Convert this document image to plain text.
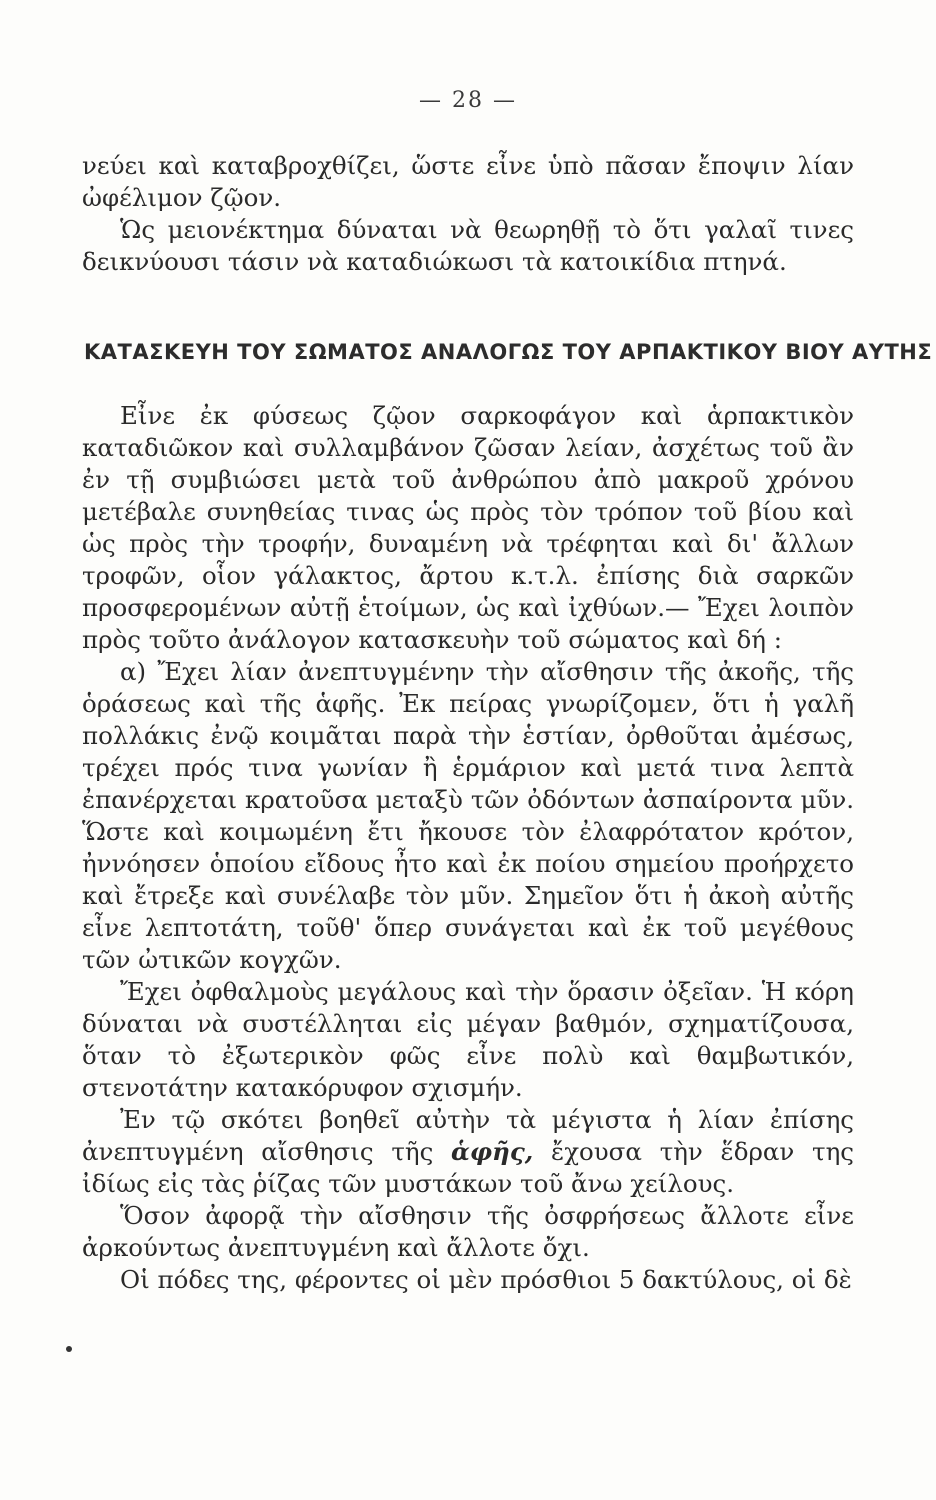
— 28 —

νεύει καὶ καταβροχθίζει, ὥστε εἶνε ὑπὸ πᾶσαν ἔποψιν λίαν ὠφέλιμον ζῷον.

Ὡς μειονέκτημα δύναται νὰ θεωρηθῇ τὸ ὅτι γαλαῖ τινες δεικνύουσι τάσιν νὰ καταδιώκωσι τὰ κατοικίδια πτηνά.

ΚΑΤΑΣΚΕΥΗ ΤΟΥ ΣΩΜΑΤΟΣ ΑΝΑΛΟΓΩΣ ΤΟΥ ΑΡΠΑΚΤΙΚΟΥ ΒΙΟΥ ΑΥΤΗΣ

Εἶνε ἐκ φύσεως ζῷον σαρκοφάγον καὶ ἁρπακτικὸν καταδιῶκον καὶ συλλαμβάνον ζῶσαν λείαν, ἀσχέτως τοῦ ἂν ἐν τῇ συμβιώσει μετὰ τοῦ ἀνθρώπου ἀπὸ μακροῦ χρόνου μετέβαλε συνηθείας τινας ὡς πρὸς τὸν τρόπον τοῦ βίου καὶ ὡς πρὸς τὴν τροφήν, δυναμένη νὰ τρέφηται καὶ δι' ἄλλων τροφῶν, οἷον γάλακτος, ἄρτου κ.τ.λ. ἐπίσης διὰ σαρκῶν προσφερομένων αὐτῇ ἑτοίμων, ὡς καὶ ἰχθύων.— Ἔχει λοιπὸν πρὸς τοῦτο ἀνάλογον κατασκευὴν τοῦ σώματος καὶ δή :

α) Ἔχει λίαν ἀνεπτυγμένην τὴν αἴσθησιν τῆς ἀκοῆς, τῆς ὁράσεως καὶ τῆς ἁφῆς. Ἐκ πείρας γνωρίζομεν, ὅτι ἡ γαλῆ πολλάκις ἐνῷ κοιμᾶται παρὰ τὴν ἑστίαν, ὀρθοῦται ἀμέσως, τρέχει πρός τινα γωνίαν ἢ ἑρμάριον καὶ μετά τινα λεπτὰ ἐπανέρχεται κρατοῦσα μεταξὺ τῶν ὀδόντων ἀσπαίροντα μῦν. Ὥστε καὶ κοιμωμένη ἔτι ἤκουσε τὸν ἐλαφρότατον κρότον, ἠννόησεν ὁποίου εἴδους ἦτο καὶ ἐκ ποίου σημείου προήρχετο καὶ ἔτρεξε καὶ συνέλαβε τὸν μῦν. Σημεῖον ὅτι ἡ ἀκοὴ αὐτῆς εἶνε λεπτοτάτη, τοῦθ' ὅπερ συνάγεται καὶ ἐκ τοῦ μεγέθους τῶν ὠτικῶν κογχῶν.

Ἔχει ὀφθαλμοὺς μεγάλους καὶ τὴν ὅρασιν ὀξεῖαν. Ἡ κόρη δύναται νὰ συστέλληται εἰς μέγαν βαθμόν, σχηματίζουσα, ὅταν τὸ ἐξωτερικὸν φῶς εἶνε πολὺ καὶ θαμβωτικόν, στενοτάτην κατακόρυφον σχισμήν.

Ἐν τῷ σκότει βοηθεῖ αὐτὴν τὰ μέγιστα ἡ λίαν ἐπίσης ἀνεπτυγμένη αἴσθησις τῆς ἁφῆς, ἔχουσα τὴν ἕδραν της ἰδίως εἰς τὰς ῥίζας τῶν μυστάκων τοῦ ἄνω χείλους.

Ὅσον ἀφορᾷ τὴν αἴσθησιν τῆς ὀσφρήσεως ἄλλοτε εἶνε ἀρκούντως ἀνεπτυγμένη καὶ ἄλλοτε ὄχι.

Οἱ πόδες της, φέροντες οἱ μὲν πρόσθιοι 5 δακτύλους, οἱ δὲ
